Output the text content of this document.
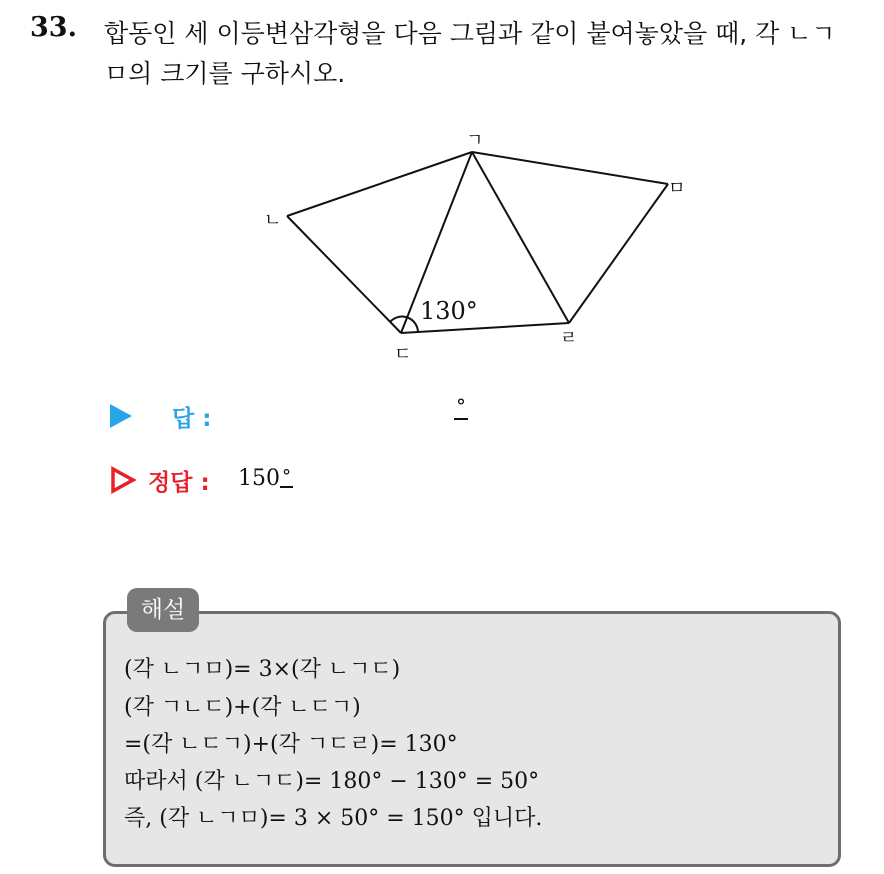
33. 합동인 세 이등변삼각형을 다음 그림과 같이 붙여놓았을 때, 각 ㄴㄱ
ㅁ의 크기를 구하시오.
ㄱ
ㄴ
ㄷ
ㄹ
ㅁ
130°
답 :	°
정답 : 150 °
해설
(각 ㄴㄱㅁ)= 3×(각 ㄴㄱㄷ)
(각 ㄱㄴㄷ)+(각 ㄴㄷㄱ)
=(각 ㄴㄷㄱ)+(각 ㄱㄷㄹ)= 130°
따라서 (각 ㄴㄱㄷ)= 180° − 130° = 50°
즉, (각 ㄴㄱㅁ)= 3 × 50° = 150° 입니다.
